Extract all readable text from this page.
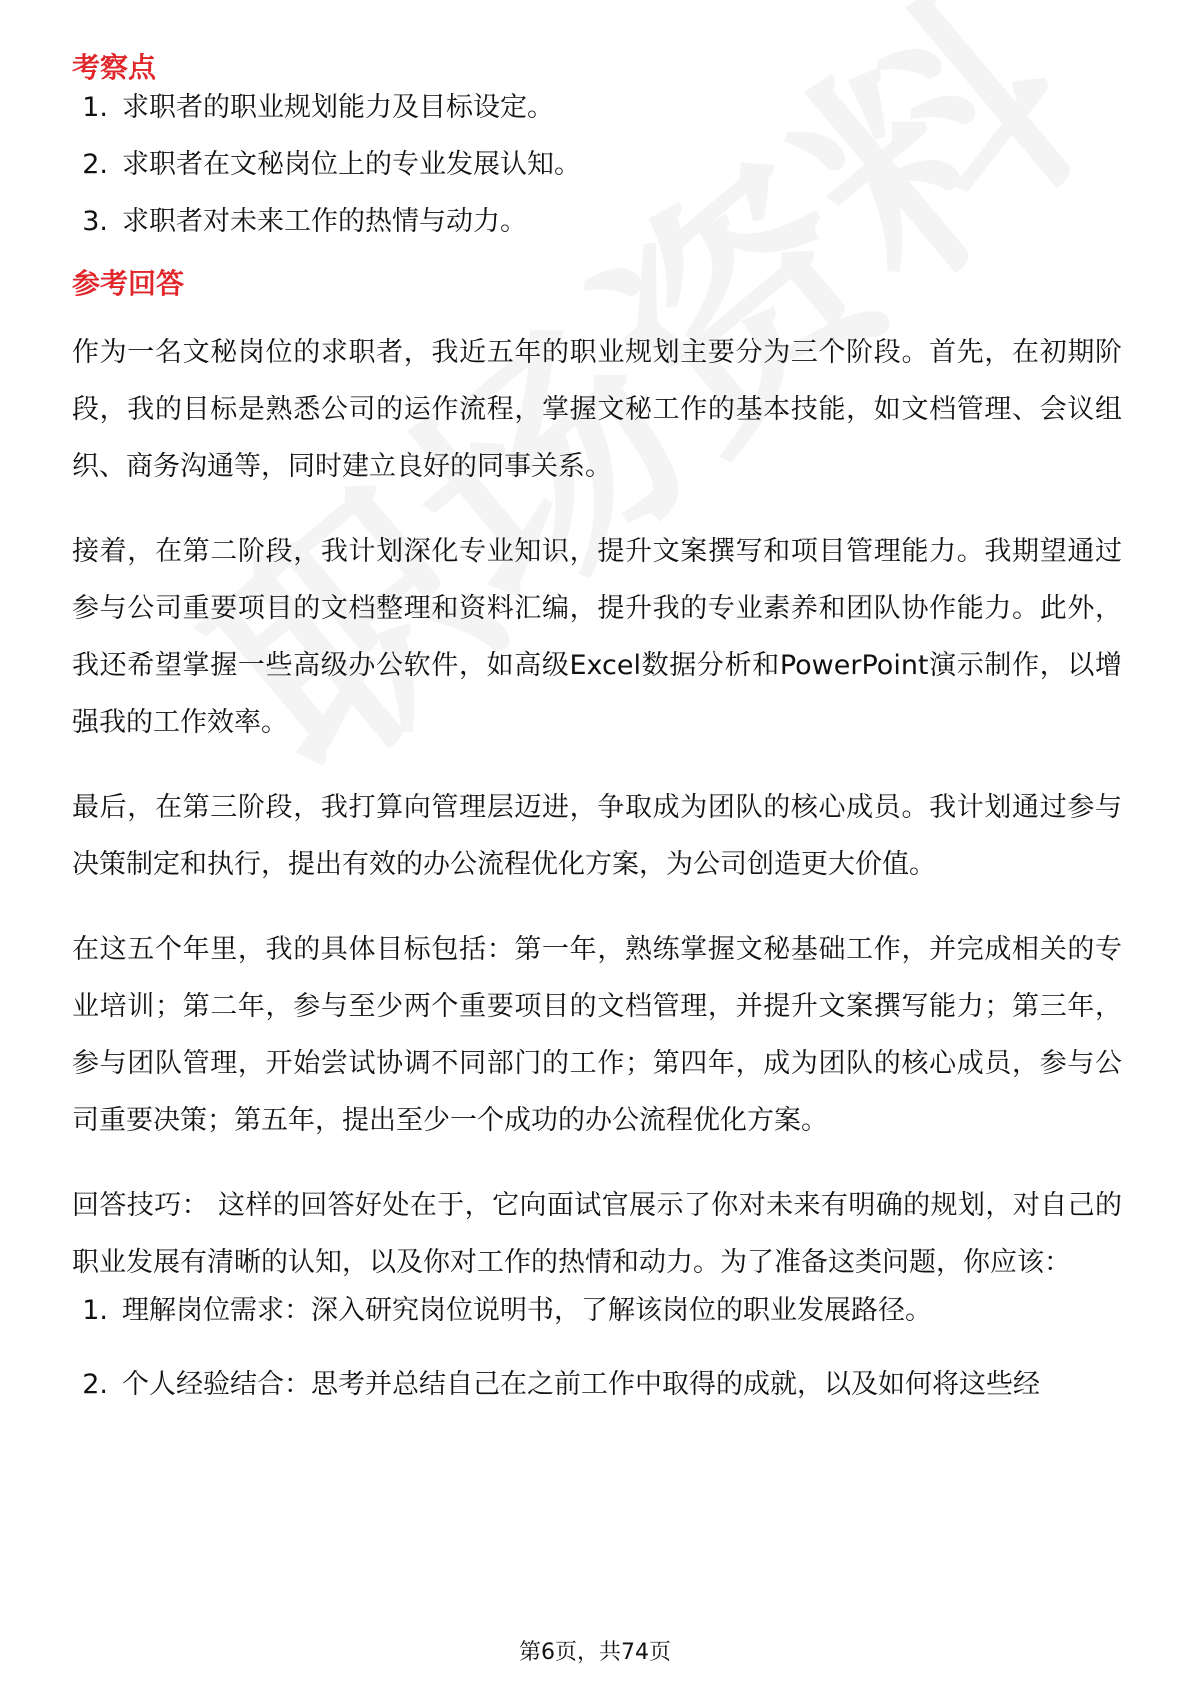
考察点
1. 求职者的职业规划能力及目标设定。
2. 求职者在文秘岗位上的专业发展认知。
3. 求职者对未来工作的热情与动力。
参考回答

作为一名文秘岗位的求职者，我近五年的职业规划主要分为三个阶段。首先，在初期阶段，我的目标是熟悉公司的运作流程，掌握文秘工作的基本技能，如文档管理、会议组织、商务沟通等，同时建立良好的同事关系。

接着，在第二阶段，我计划深化专业知识，提升文案撰写和项目管理能力。我期望通过参与公司重要项目的文档整理和资料汇编，提升我的专业素养和团队协作能力。此外，我还希望掌握一些高级办公软件，如高级Excel数据分析和PowerPoint演示制作，以增强我的工作效率。

最后，在第三阶段，我打算向管理层迈进，争取成为团队的核心成员。我计划通过参与决策制定和执行，提出有效的办公流程优化方案，为公司创造更大价值。

在这五个年里，我的具体目标包括：第一年，熟练掌握文秘基础工作，并完成相关的专业培训；第二年，参与至少两个重要项目的文档管理，并提升文案撰写能力；第三年，参与团队管理，开始尝试协调不同部门的工作；第四年，成为团队的核心成员，参与公司重要决策；第五年，提出至少一个成功的办公流程优化方案。

回答技巧： 这样的回答好处在于，它向面试官展示了你对未来有明确的规划，对自己的职业发展有清晰的认知，以及你对工作的热情和动力。为了准备这类问题，你应该：

1. 理解岗位需求：深入研究岗位说明书，了解该岗位的职业发展路径。
2. 个人经验结合：思考并总结自己在之前工作中取得的成就，以及如何将这些经
第6页，共74页
